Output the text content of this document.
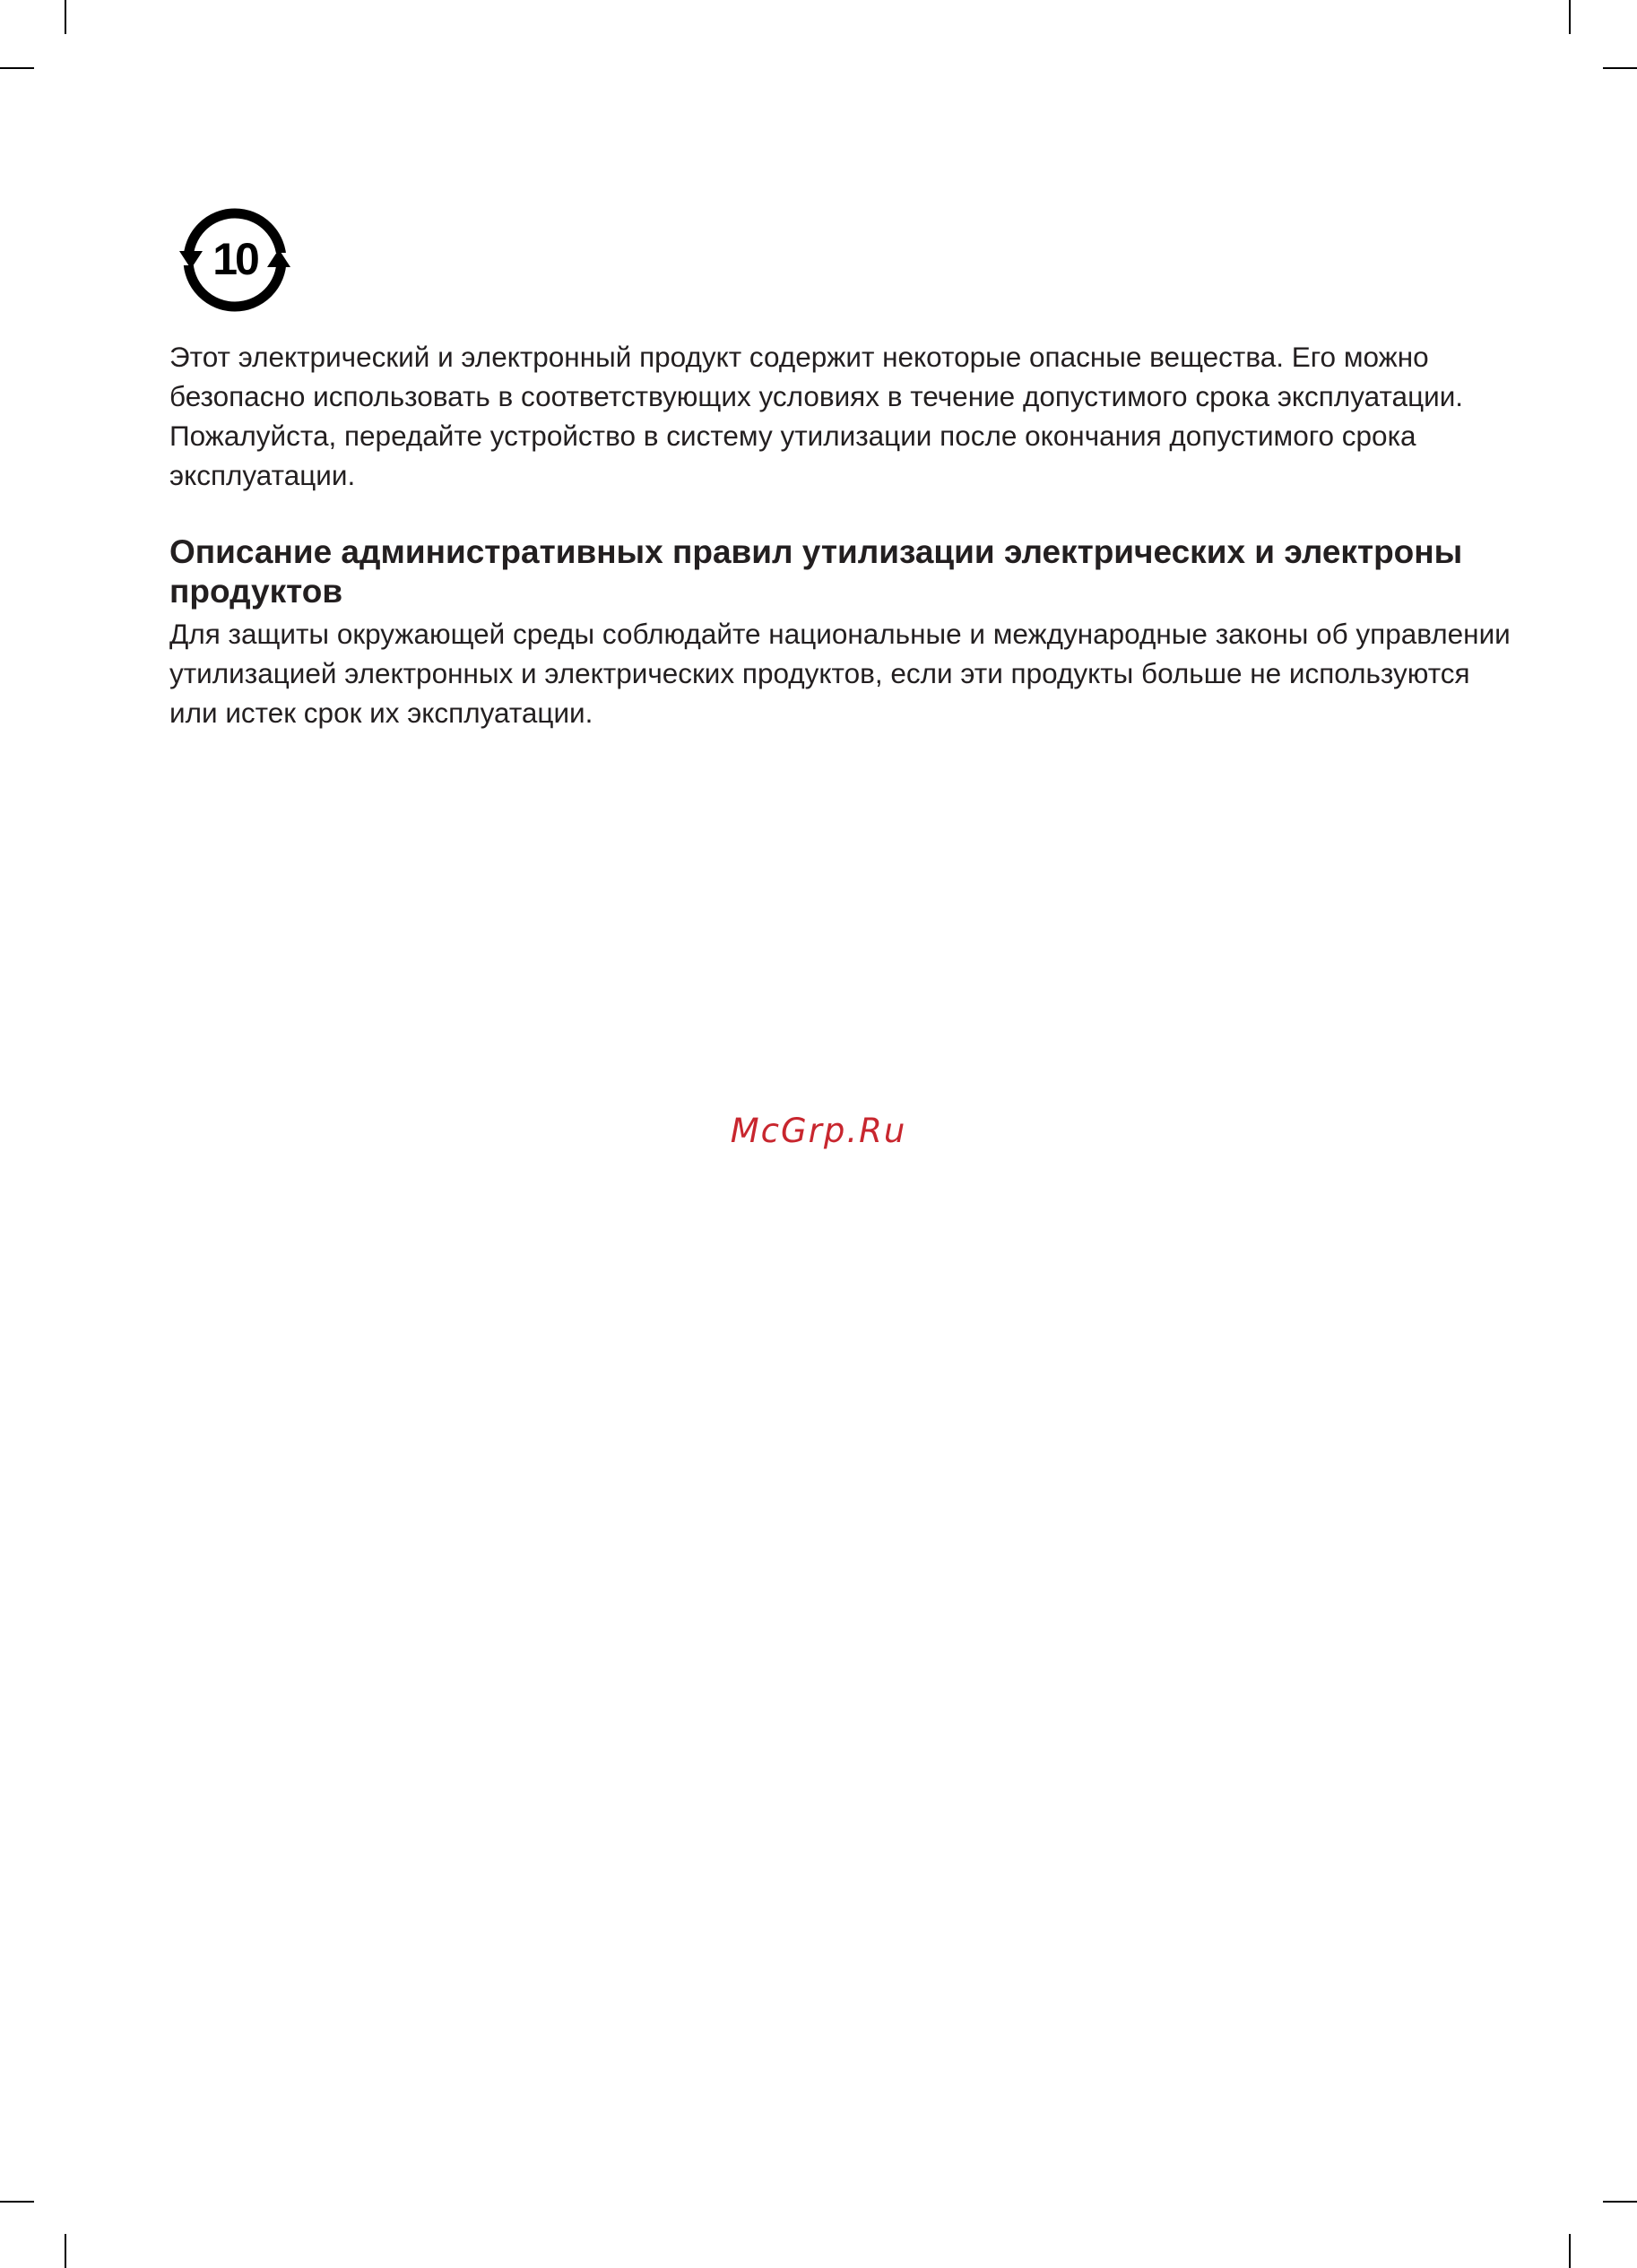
10
Этот электрический и электронный продукт содержит некоторые опасные вещества. Его можно безопасно использовать в соответствующих условиях в течение допустимого срока эксплуатации. Пожалуйста, передайте устройство в систему утилизации после окончания допустимого срока эксплуатации.
Описание административных правил утилизации электрических и электроны продуктов
Для защиты окружающей среды соблюдайте национальные и международные законы об управлении утилизацией электронных и электрических продуктов, если эти продукты больше не используются или истек срок их эксплуатации.
McGrp.Ru
